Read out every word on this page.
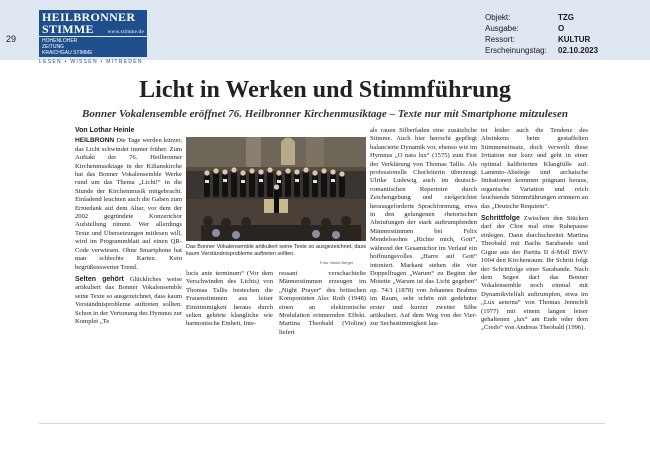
29
HEILBRONNER STIMME	www.stimme.de
HOHENLOHER ZEITUNGKRAICHGAU STIMME
LESEN • WISSEN • MITREDEN
Objekt:	TZG
Ausgabe:	O
Ressort:	KULTUR
Erscheinungstag:	02.10.2023
Licht in Werken und Stimmführung
Bonner Vokalensemble eröffnet 76. Heilbronner Kirchenmusiktage – Texte nur mit Smartphone mitzulesen
Von Lothar Heinle

HEILBRONN Die Tage werden kürzer, das Licht schwindet immer früher. Zum Auftakt der 76. Heilbronner Kirchenmusiktage in der Kilianskirche hat das Bonner Vokalensemble Werke rund um das Thema „Licht!“ in die Stunde der Kirchenmusik mitgebracht. Einladend leuchten auch die Gaben zum Erntedank auf dem Altar, vor dem der 2002 gegründete Konzertchor Aufstellung nimmt. Wer allerdings Texte und Übersetzungen mitlesen will, wird im Programmblatt auf einen QR-Code verwiesen. Ohne Smartphone hat man schlechte Karten. Kein begrüßenswerter Trend.

Selten gehört Glückliches weise artikuliert das Bonner Vokalensemble seine Texte so ausgezeichnet, dass kaum Verständnisprobleme auftreten sollten. Schon in der Vertonung des Hymnus zur Komplet „Te

Das Bonner Vokalensemble artikuliert seine Texte so ausgezeichnet, dass kaum Verständnisprobleme auftreten sollten.
Foto: Mario Berger

lucis ante terminum“ (Vor dem Verschwinden des Lichts) von Thomas Tallis bestechen die Frauenstimmen aus leiser Einstimmigkeit heraus durch selten gehörte klangliche wie harmonische Einheit. Inte-

ressant verschachtelte Männerstimmen erzeugen im „Night Prayer“ des britischen Komponisten Alec Roth (1948) einen an elektronische Modulation erinnernden Effekt. Martina Theobald (Violine) liefert

als rauen Silberfaden eine zusätzliche Stimme. Auch hier herrscht gepflegt balancierte Dynamik vor, ebenso wie im Hymnus „O nata lux“ (1575) zum Fest der Verklärung von Thomas Tallis. Als professionelle Chorleiterin überzeugt Ulrike Ludewig auch im deutsch-romantischen Repertoire durch Zeichengebung und zielgerichtet herausgeforderte Sprachformung, etwa in den gelungenen rhetorischen Abstufungen der stark auftrumpfenden Männerstimmen bei Felix Mendelssohns „Richte mich, Gott“, während der Gesamtchor im Verlauf ein hoffnungsvolles „Harre auf Gott“ intoniert. Markant stehen die vier Doppelfragen „Warum“ zu Beginn der Motette „Warum ist das Licht gegeben“ op. 74/1 (1878) von Johannes Brahms im Raum, sehr schön mit gedehnter erster und kurzer zweiter Silbe artikuliert. Auf dem Weg von der Vier- zur Sechsstimmigkeit lau-

tet leider auch die Tendenz des Absinkens beim gestaffelten Stimmeneinsatz, doch verweilt diese Irritation nur kurz und geht in einer optimal kalibrierten Klangfülle auf. Lamento-Abstiege und archaische Imitationen kommen prägnant heraus, organische Variation und reich leuchtende Stimmführungen erinnern an das „Deutsche Requiem“.

Schrittfolge Zwischen den Stücken darf der Chor mal eine Ruhepause einlegen. Dann durchschreitet Martina Theobald mit Bachs Sarabande und Gigue aus der Partita II d-Moll BWV 1004 den Kirchenraum. Ihr Schritt folgt der Schrittfolge einer Sarabande. Nach dem Segen darf das Bonner Vokalensemble noch einmal mit Dynamikvielfalt auftrumpfen, etwa im „Lux aeterna“ von Thomas Jennefelt (1977) mit einem langen leiser gehaltenen „lux“ am Ende oder dem „Credo“ von Andreas Theobald (1996).
